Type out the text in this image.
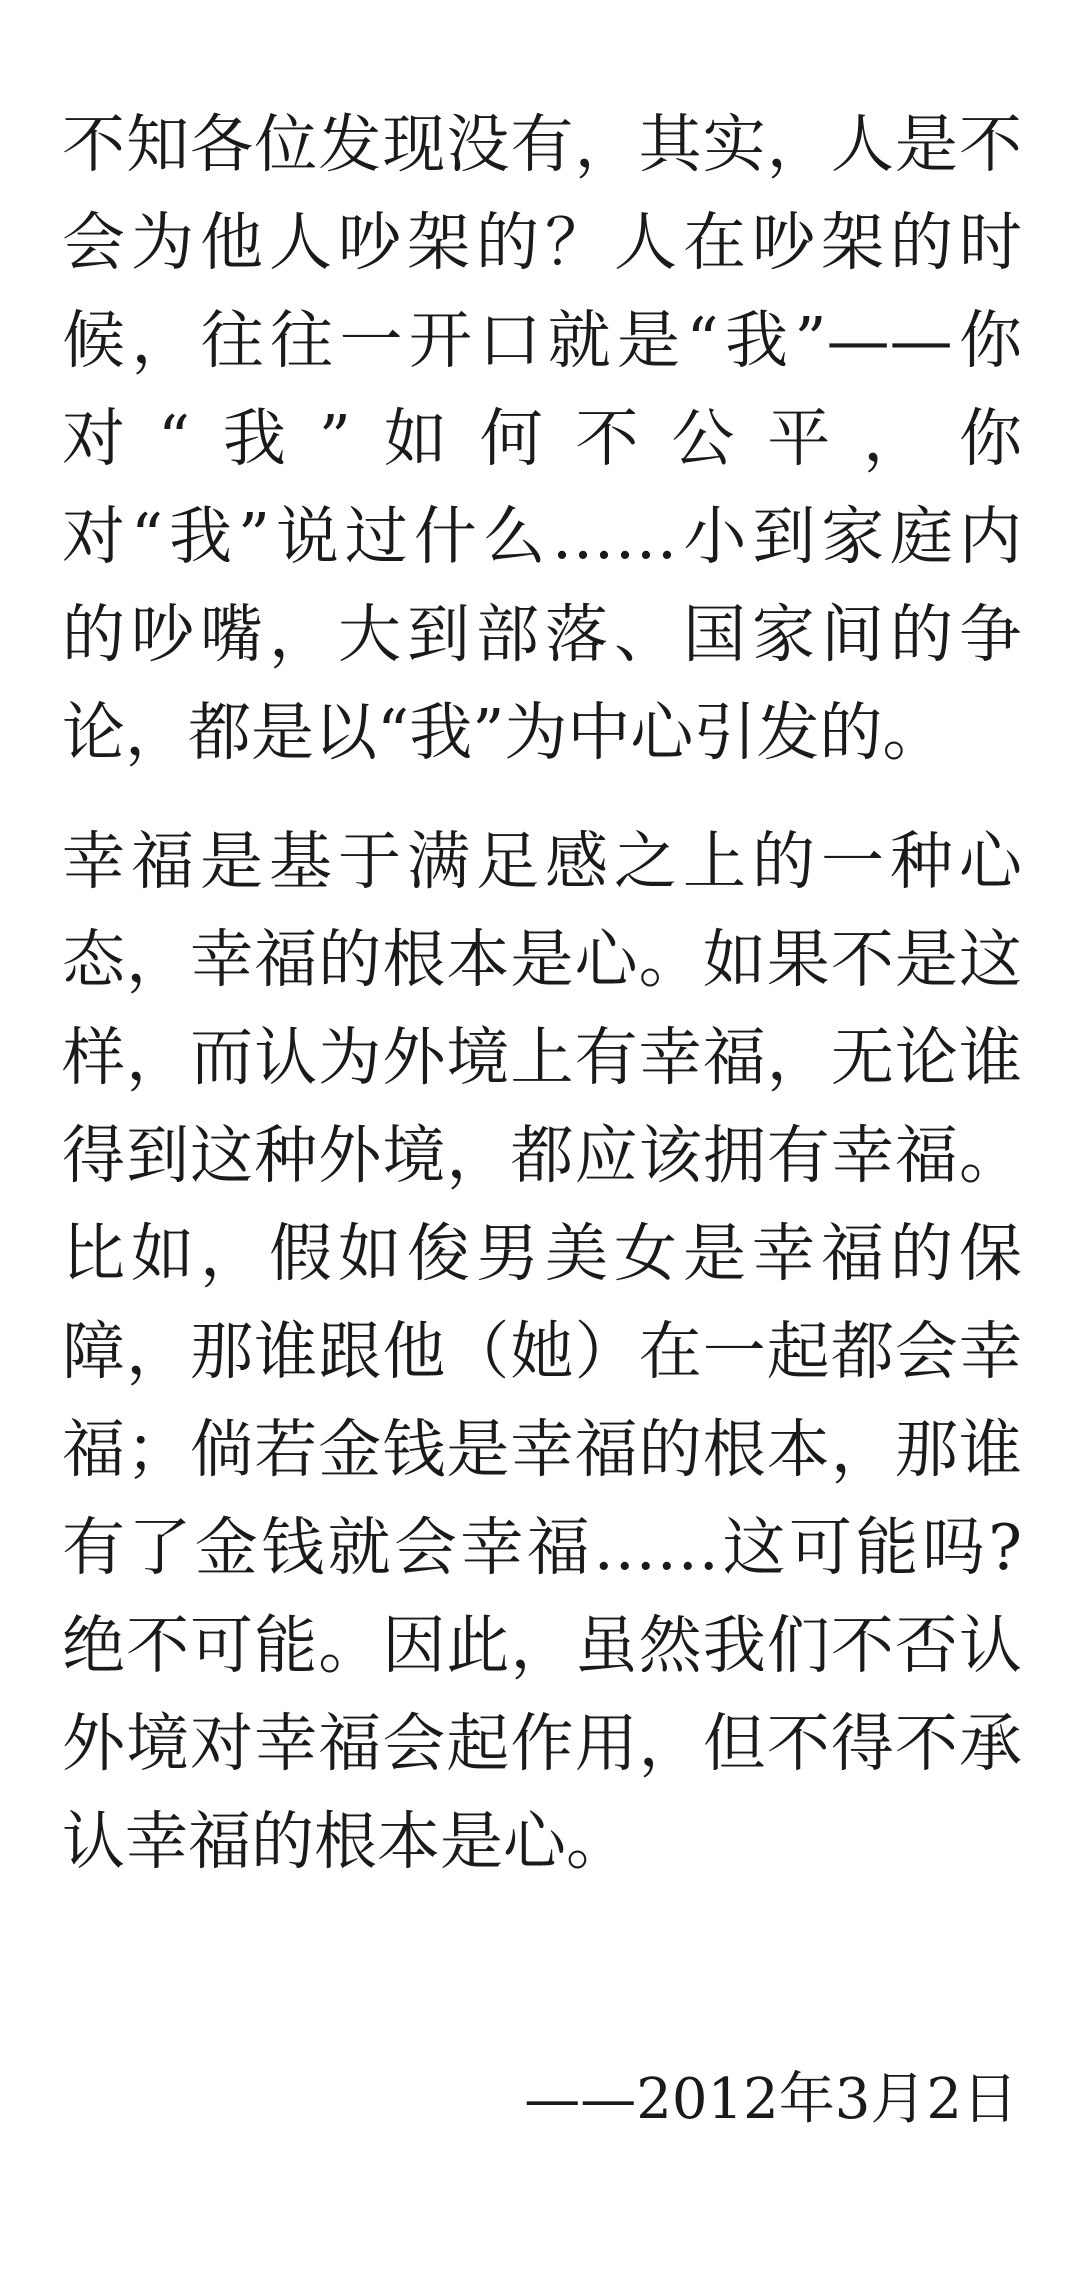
不知各位发现没有，其实，人是不
会为他人吵架的？人在吵架的时
候，往往一开口就是“我”——你
对“我”如何不公平，你
对“我”说过什么……小到家庭内
的吵嘴，大到部落、国家间的争
论，都是以“我”为中心引发的。
幸福是基于满足感之上的一种心
态，幸福的根本是心。如果不是这
样，而认为外境上有幸福，无论谁
得到这种外境，都应该拥有幸福。
比如，假如俊男美女是幸福的保
障，那谁跟他（她）在一起都会幸
福；倘若金钱是幸福的根本，那谁
有了金钱就会幸福……这可能吗?
绝不可能。因此，虽然我们不否认
外境对幸福会起作用，但不得不承
认幸福的根本是心。
——2012年3月2日
